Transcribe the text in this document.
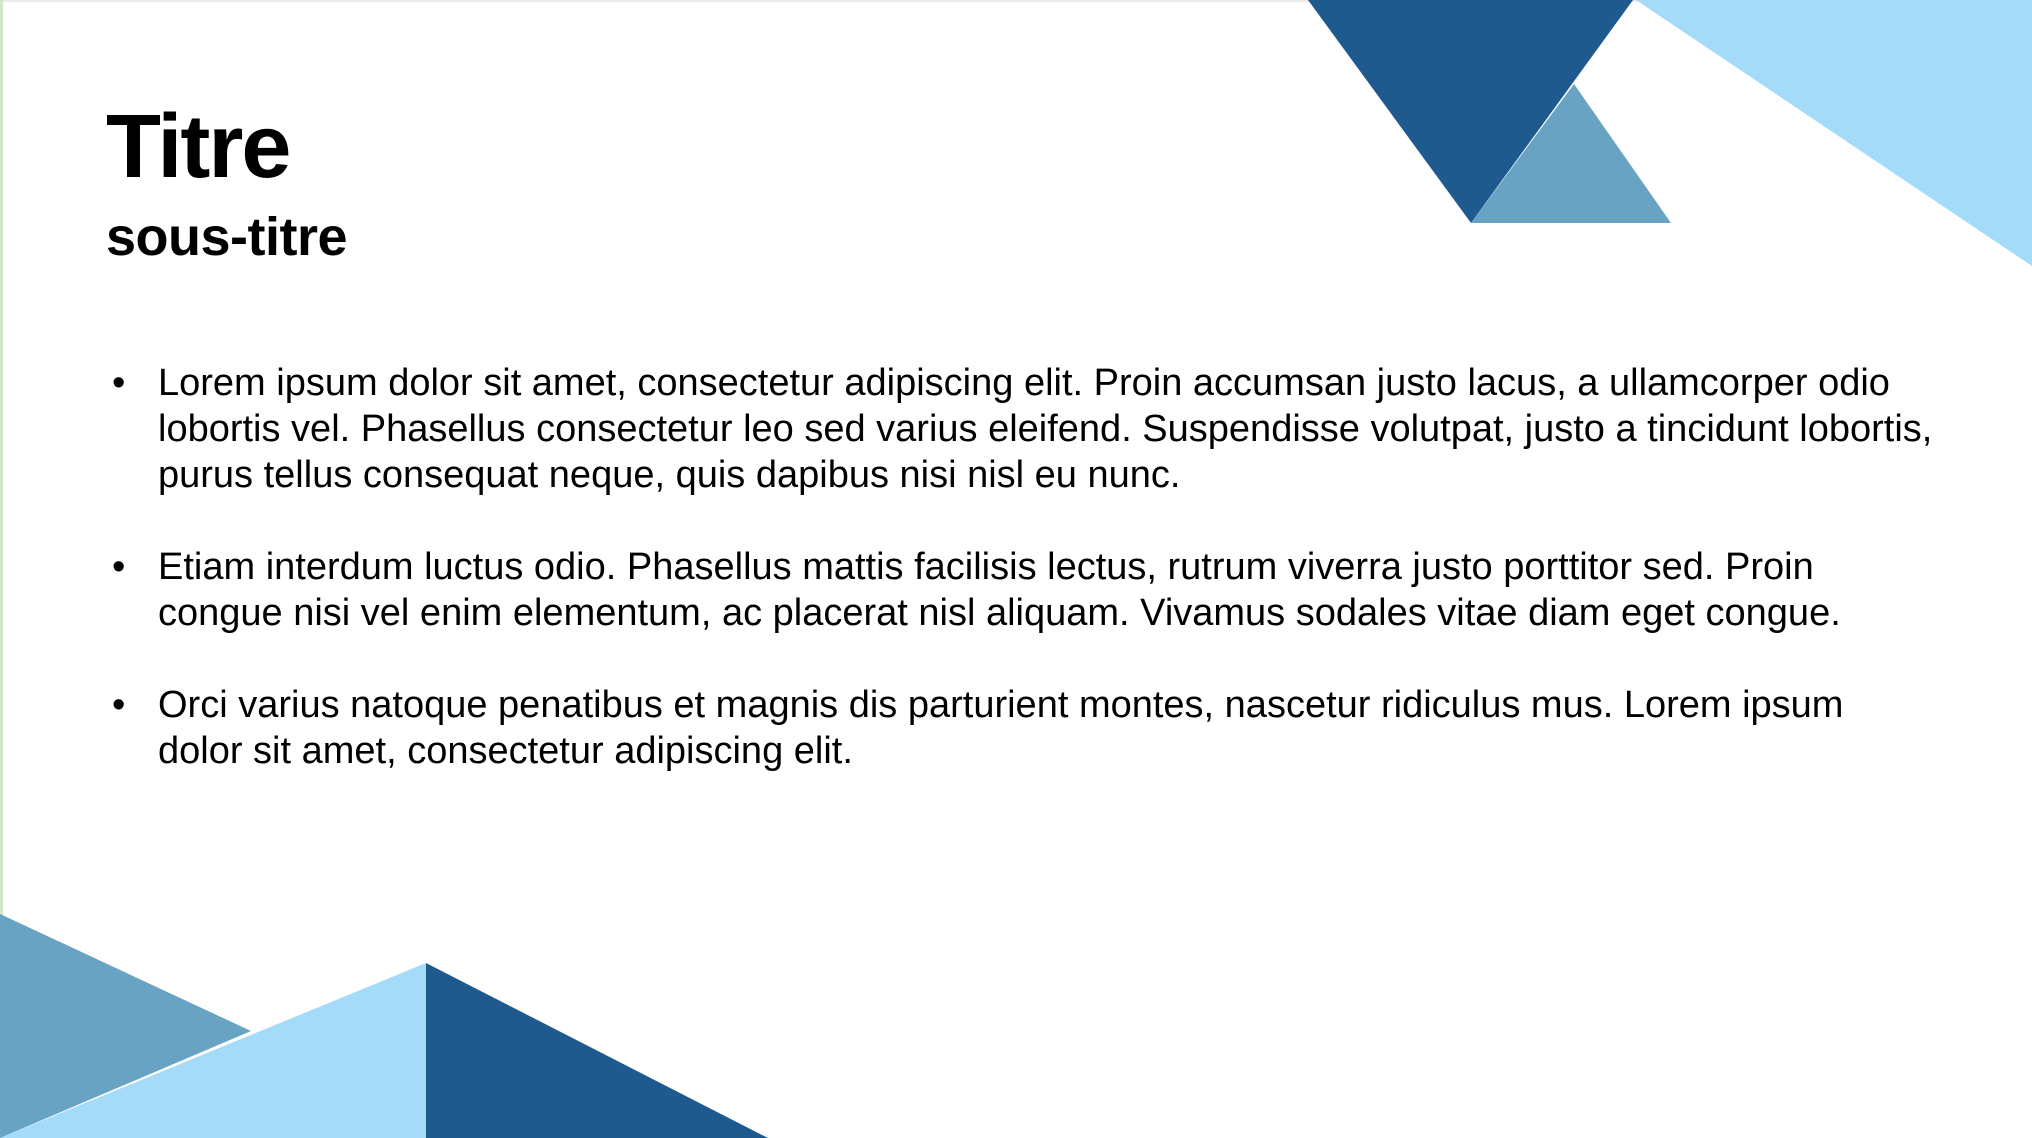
Titre
sous-titre
• Lorem ipsum dolor sit amet, consectetur adipiscing elit. Proin accumsan justo lacus, a ullamcorper odio lobortis vel. Phasellus consectetur leo sed varius eleifend. Suspendisse volutpat, justo a tincidunt lobortis, purus tellus consequat neque, quis dapibus nisi nisl eu nunc.
• Etiam interdum luctus odio. Phasellus mattis facilisis lectus, rutrum viverra justo porttitor sed. Proin congue nisi vel enim elementum, ac placerat nisl aliquam. Vivamus sodales vitae diam eget congue.
• Orci varius natoque penatibus et magnis dis parturient montes, nascetur ridiculus mus. Lorem ipsum dolor sit amet, consectetur adipiscing elit.
